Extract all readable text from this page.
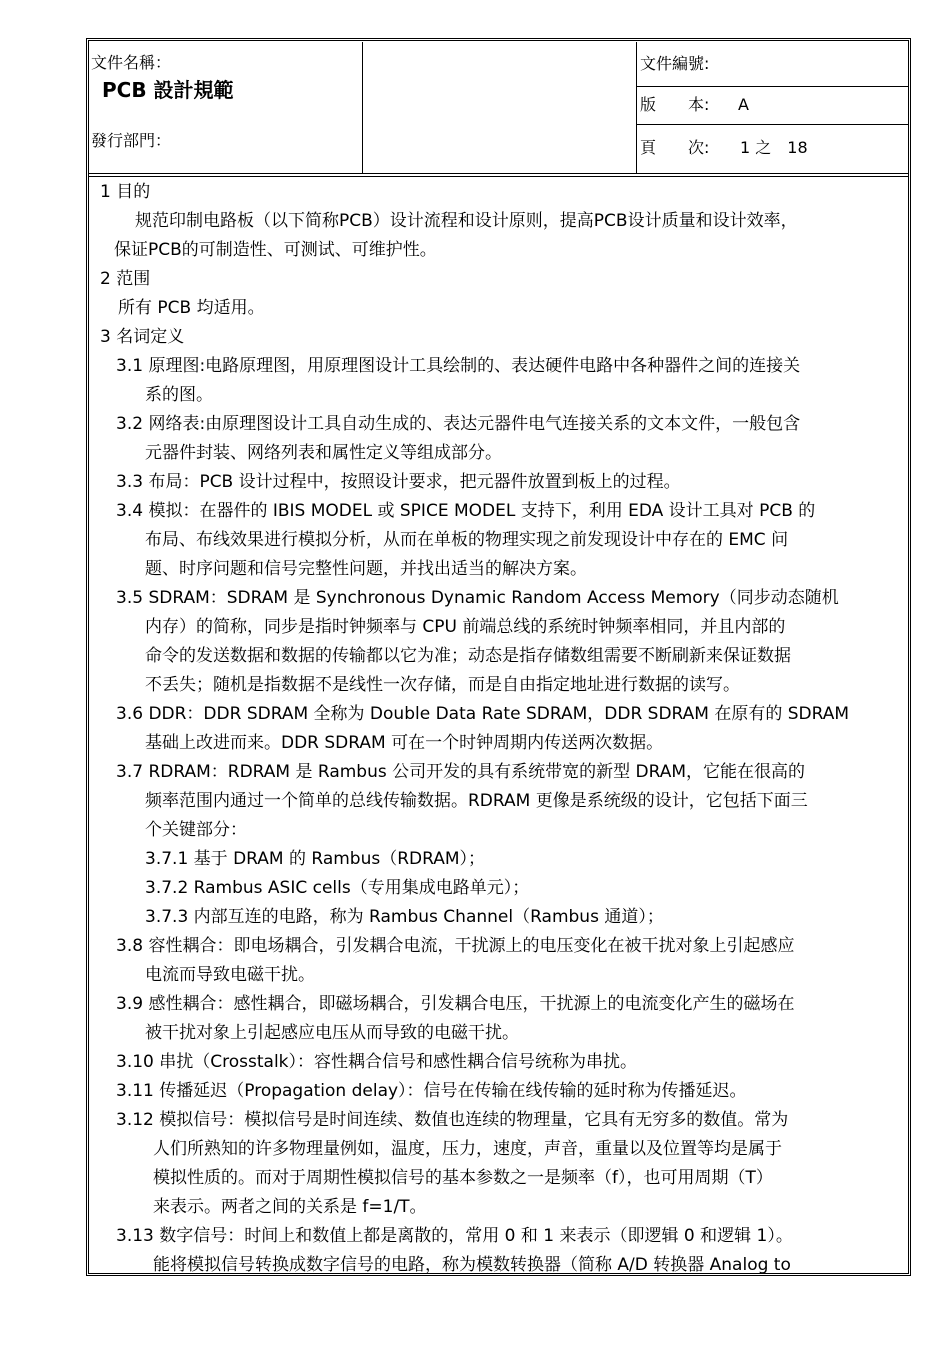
文件名稱：
PCB 設計規範
發行部門：
文件編號:
版　　本: A
頁　　次: 1 之　18
1 目的
　规范印制电路板（以下简称PCB）设计流程和设计原则，提高PCB设计质量和设计效率，
保证PCB的可制造性、可测试、可维护性。
2 范围
所有 PCB 均适用。
3 名词定义
3.1 原理图:电路原理图，用原理图设计工具绘制的、表达硬件电路中各种器件之间的连接关
　系的图。
3.2 网络表:由原理图设计工具自动生成的、表达元器件电气连接关系的文本文件，一般包含
　元器件封装、网络列表和属性定义等组成部分。
3.3 布局：PCB 设计过程中，按照设计要求，把元器件放置到板上的过程。
3.4 模拟：在器件的 IBIS MODEL 或 SPICE MODEL 支持下，利用 EDA 设计工具对 PCB 的
　布局、布线效果进行模拟分析，从而在单板的物理实现之前发现设计中存在的 EMC 问
　题、时序问题和信号完整性问题，并找出适当的解决方案。
3.5 SDRAM：SDRAM 是 Synchronous Dynamic Random Access Memory（同步动态随机
　内存）的简称，同步是指时钟频率与 CPU 前端总线的系统时钟频率相同，并且内部的
　命令的发送数据和数据的传输都以它为准；动态是指存储数组需要不断刷新来保证数据
　不丢失；随机是指数据不是线性一次存储，而是自由指定地址进行数据的读写。
3.6 DDR：DDR SDRAM 全称为 Double Data Rate SDRAM，DDR SDRAM 在原有的 SDRAM
　基础上改进而来。DDR SDRAM 可在一个时钟周期内传送两次数据。
3.7 RDRAM：RDRAM 是 Rambus 公司开发的具有系统带宽的新型 DRAM，它能在很高的
　频率范围内通过一个简单的总线传输数据。RDRAM 更像是系统级的设计，它包括下面三
　个关键部分：
　3.7.1 基于 DRAM 的 Rambus（RDRAM）；
　3.7.2 Rambus ASIC cells（专用集成电路单元）；
　3.7.3 内部互连的电路，称为 Rambus Channel（Rambus 通道）；
3.8 容性耦合：即电场耦合，引发耦合电流，干扰源上的电压变化在被干扰对象上引起感应
　电流而导致电磁干扰。
3.9 感性耦合：感性耦合，即磁场耦合，引发耦合电压，干扰源上的电流变化产生的磁场在
　被干扰对象上引起感应电压从而导致的电磁干扰。
3.10 串扰（Crosstalk）：容性耦合信号和感性耦合信号统称为串扰。
3.11 传播延迟（Propagation delay）：信号在传输在线传输的延时称为传播延迟。
3.12 模拟信号：模拟信号是时间连续、数值也连续的物理量，它具有无穷多的数值。常为
　人们所熟知的许多物理量例如，温度，压力，速度，声音，重量以及位置等均是属于
　模拟性质的。而对于周期性模拟信号的基本参数之一是频率（f），也可用周期（T）
　来表示。两者之间的关系是 f=1/T。
3.13 数字信号：时间上和数值上都是离散的，常用 0 和 1 来表示（即逻辑 0 和逻辑 1）。
　能将模拟信号转换成数字信号的电路，称为模数转换器（简称 A/D 转换器 Analog to
